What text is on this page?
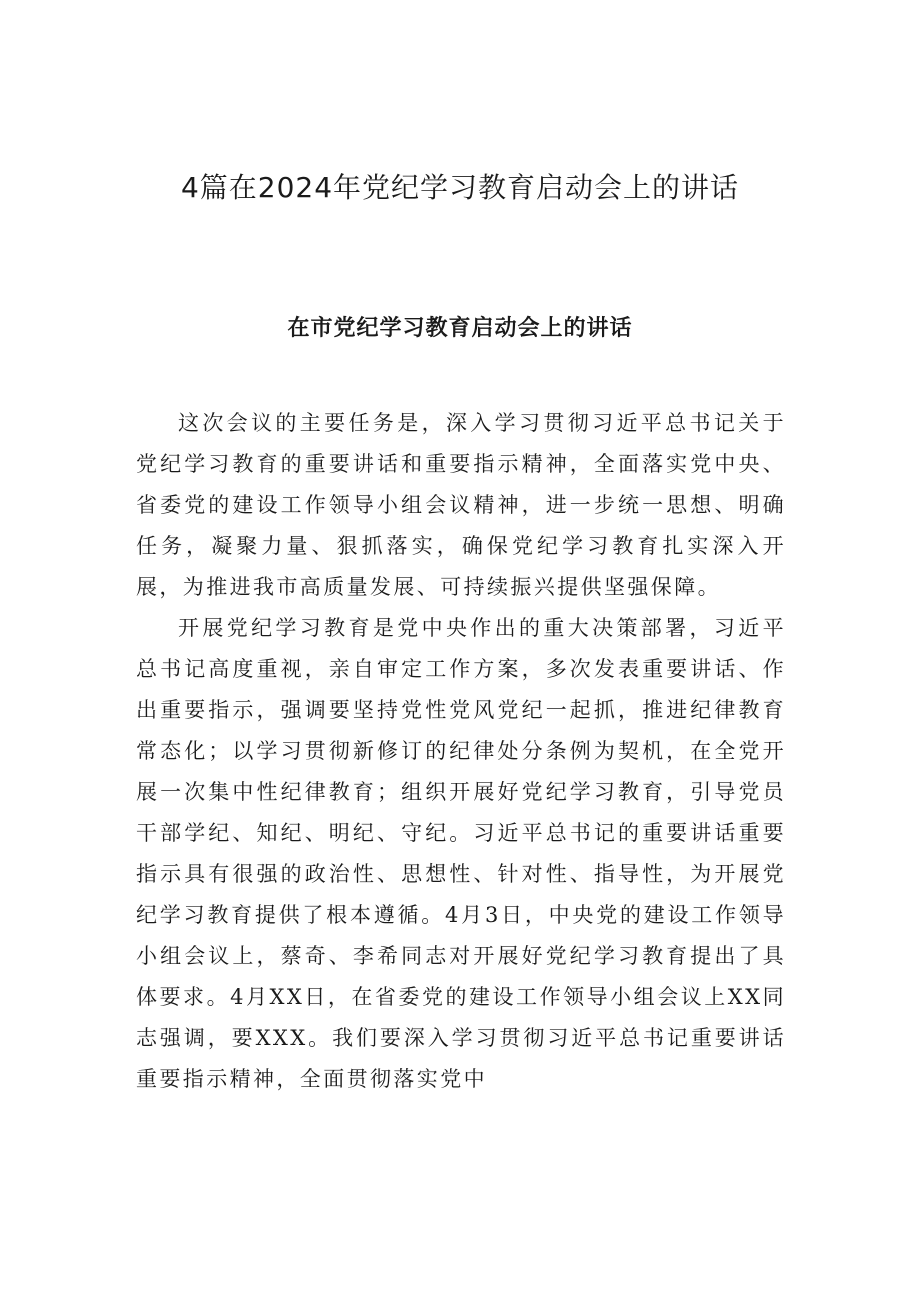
4篇在2024年党纪学习教育启动会上的讲话
在市党纪学习教育启动会上的讲话

这次会议的主要任务是，深入学习贯彻习近平总书记关于党纪学习教育的重要讲话和重要指示精神，全面落实党中央、省委党的建设工作领导小组会议精神，进一步统一思想、明确任务，凝聚力量、狠抓落实，确保党纪学习教育扎实深入开展，为推进我市高质量发展、可持续振兴提供坚强保障。

开展党纪学习教育是党中央作出的重大决策部署，习近平总书记高度重视，亲自审定工作方案，多次发表重要讲话、作出重要指示，强调要坚持党性党风党纪一起抓，推进纪律教育常态化；以学习贯彻新修订的纪律处分条例为契机，在全党开展一次集中性纪律教育；组织开展好党纪学习教育，引导党员干部学纪、知纪、明纪、守纪。习近平总书记的重要讲话重要指示具有很强的政治性、思想性、针对性、指导性，为开展党纪学习教育提供了根本遵循。4月3日，中央党的建设工作领导小组会议上，蔡奇、李希同志对开展好党纪学习教育提出了具体要求。4月XX日，在省委党的建设工作领导小组会议上XX同志强调，要XXX。我们要深入学习贯彻习近平总书记重要讲话重要指示精神，全面贯彻落实党中
